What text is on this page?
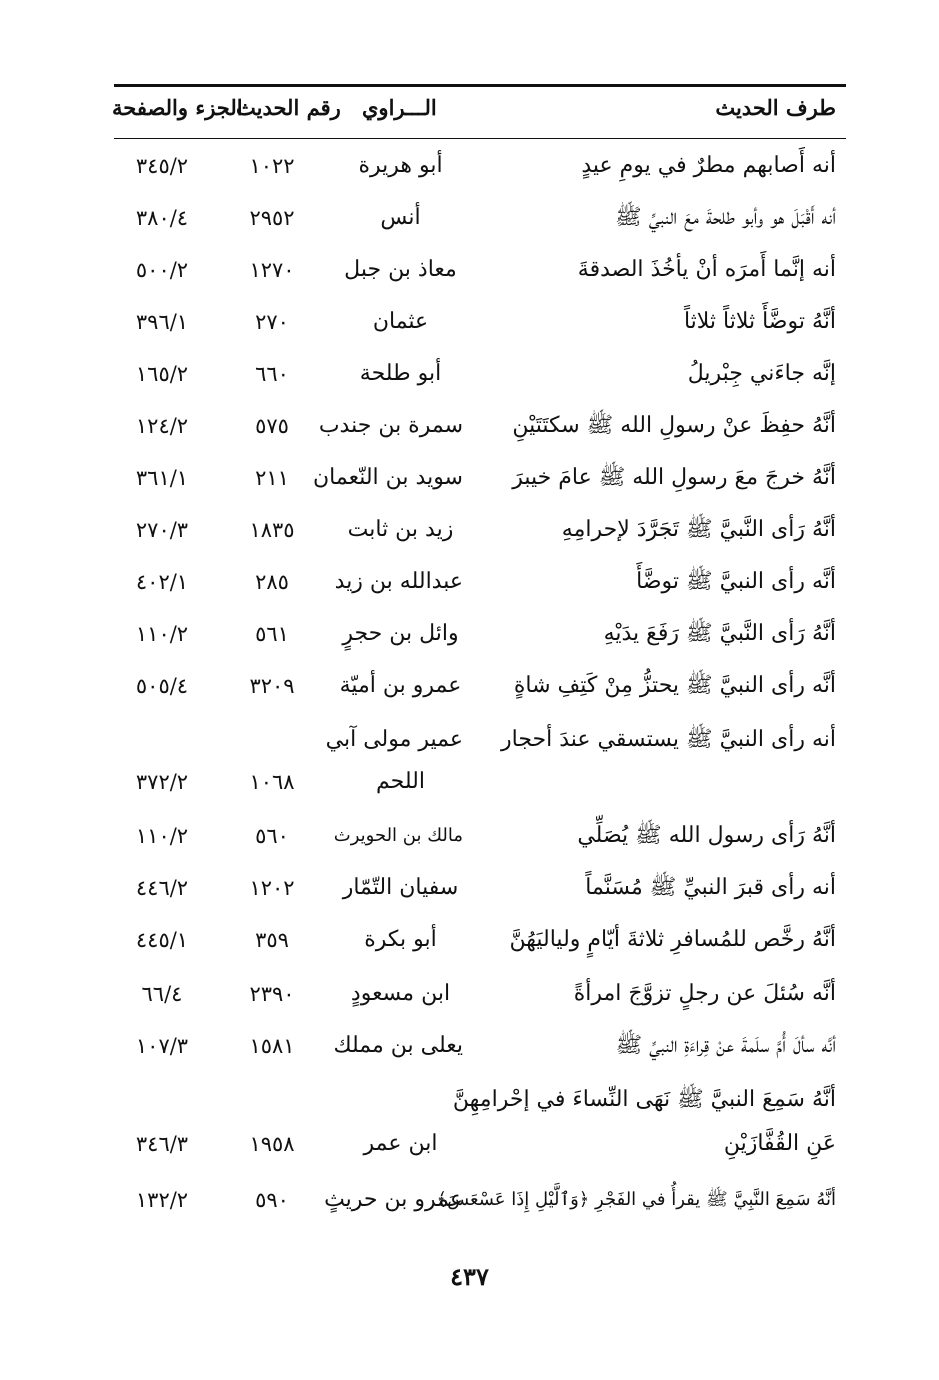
طرف الحديث
الـــراوي
رقم الحديث
الجزء والصفحة
أنه أَصابهم مطرٌ في يومِ عيدٍ
أبو هريرة
١٠٢٢
٣٤٥/٢
أنه أَقْبَلَ هو وأبو طلحةَ معَ النبيِّ ﷺ
أنس
٢٩٥٢
٣٨٠/٤
أنه إنَّما أَمرَه أنْ يأخُذَ الصدقةَ
معاذ بن جبل
١٢٧٠
٥٠٠/٢
أنَّهُ توضَّأَ ثلاثاً ثلاثاً
عثمان
٢٧٠
٣٩٦/١
إنَّه جاءَني جِبْريلُ
أبو طلحة
٦٦٠
١٦٥/٢
أنَّهُ حفِظَ عنْ رسولِ الله ﷺ سكتَتَيْنِ
سمرة بن جندب
٥٧٥
١٢٤/٢
أنَّهُ خرجَ معَ رسولِ الله ﷺ عامَ خيبرَ
سويد بن النّعمان
٢١١
٣٦١/١
أنَّهُ رَأى النَّبيَّ ﷺ تَجَرَّدَ لإحرامِهِ
زيد بن ثابت
١٨٣٥
٢٧٠/٣
أنَّه رأى النبيَّ ﷺ توضَّأَ
عبدالله بن زيد
٢٨٥
٤٠٢/١
أنَّهُ رَأى النَّبيَّ ﷺ رَفَعَ يدَيْهِ
وائل بن حجرٍ
٥٦١
١١٠/٢
أنَّه رأى النبيَّ ﷺ يحتزُّ مِنْ كَتِفِ شاةٍ
عمرو بن أميّة
٣٢٠٩
٥٠٥/٤
أنه رأى النبيَّ ﷺ يستسقي عندَ أحجار
عمير مولى آبي
اللحم
١٠٦٨
٣٧٢/٢
أنَّهُ رَأى رسول الله ﷺ يُصَلِّي
مالك بن الحويرث
٥٦٠
١١٠/٢
أنه رأى قبرَ النبيِّ ﷺ مُسَنَّماً
سفيان التّمّار
١٢٠٢
٤٤٦/٢
أنَّهُ رخَّص للمُسافرِ ثلاثةَ أيّامٍ ولياليَهُنَّ
أبو بكرة
٣٥٩
٤٤٥/١
أنَّه سُئلَ عن رجلٍ تزوَّجَ امرأةً
ابن مسعودٍ
٢٣٩٠
٦٦/٤
أنَّه سألَ أُمَّ سلَمةَ عنْ قِراءَةِ النبيِّ ﷺ
يعلى بن مملك
١٥٨١
١٠٧/٣
أنَّهُ سَمِعَ النبيَّ ﷺ نَهَى النِّساءَ في إحْرامِهِنَّ
عَنِ القُفَّازَيْنِ
ابن عمر
١٩٥٨
٣٤٦/٣
أنَّهُ سَمِعَ النَّبِيَّ ﷺ يقرأُ في الفَجْرِ ﴿وَٱلَّيْلِ إِذَا عَسْعَسَ﴾
عمرو بن حريثٍ
٥٩٠
١٣٢/٢
٤٣٧
